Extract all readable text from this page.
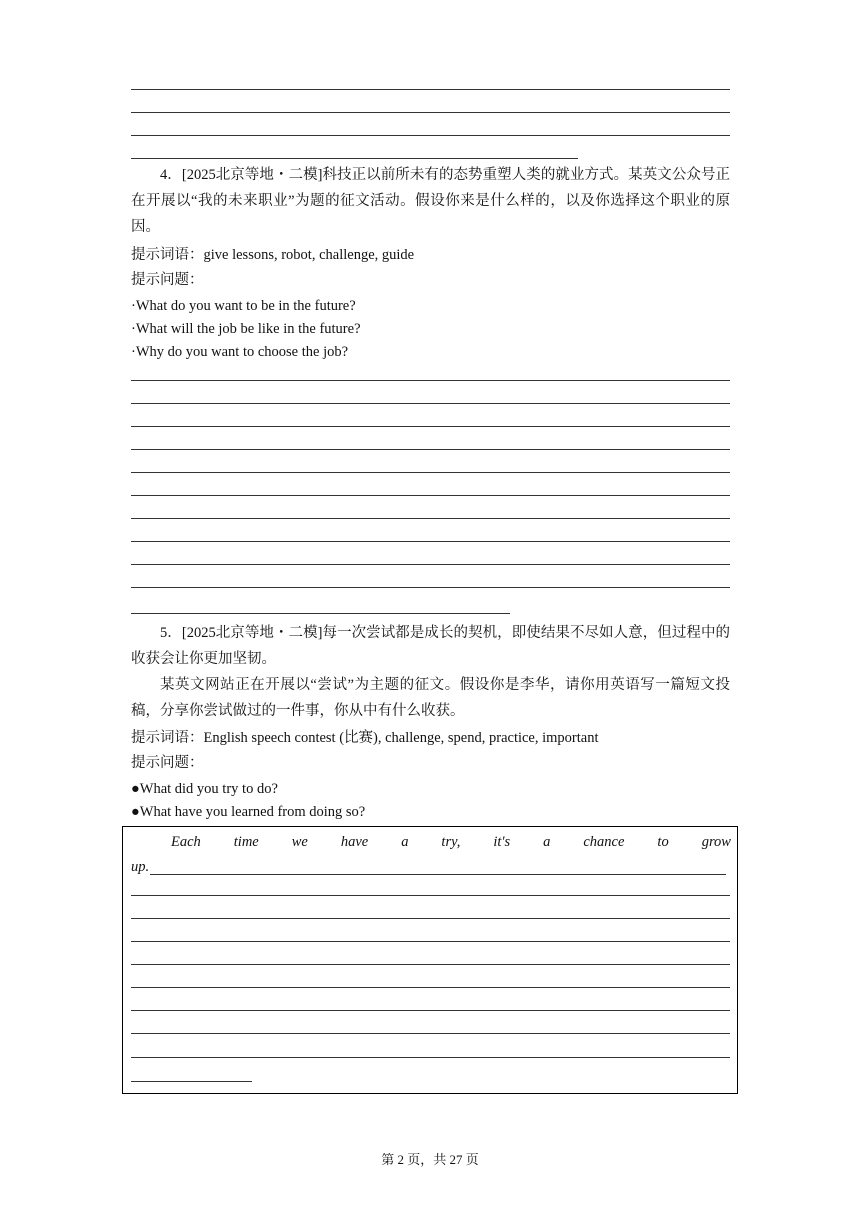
4．[2025北京等地・二模]科技正以前所未有的态势重塑人类的就业方式。某英文公众号正在开展以“我的未来职业”为题的征文活动。假设你来是什么样的，以及你选择这个职业的原因。
提示词语：give lessons, robot, challenge, guide
提示问题：
·What do you want to be in the future?
·What will the job be like in the future?
·Why do you want to choose the job?
5．[2025北京等地・二模]每一次尝试都是成长的契机，即使结果不尽如人意，但过程中的收获会让你更加坚韧。
某英文网站正在开展以“尝试”为主题的征文。假设你是李华，请你用英语写一篇短文投稿，分享你尝试做过的一件事，你从中有什么收获。
提示词语：English speech contest (比赛), challenge, spend, practice, important
提示问题：
●What did you try to do?
●What have you learned from doing so?
Each time we have a try, it's a chance to grow
up.
第 2 页，共 27 页
